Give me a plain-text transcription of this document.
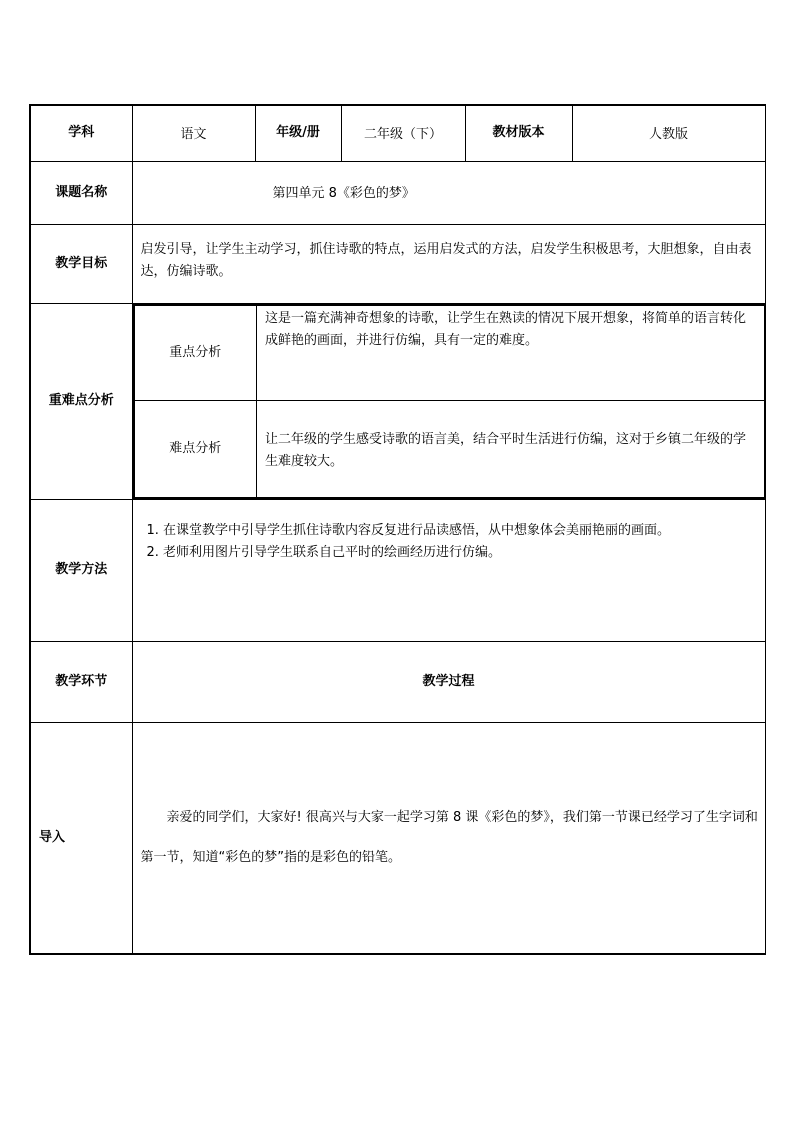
学科	语文	年级/册	二年级（下）	教材版本	人教版
课题名称	第四单元 8《彩色的梦》
教学目标	启发引导，让学生主动学习，抓住诗歌的特点，运用启发式的方法，启发学生积极思考，大胆想象，自由表达，仿编诗歌。
重难点分析	
重点分析	这是一篇充满神奇想象的诗歌，让学生在熟读的情况下展开想象，将简单的语言转化成鲜艳的画面，并进行仿编，具有一定的难度。
难点分析	让二年级的学生感受诗歌的语言美，结合平时生活进行仿编，这对于乡镇二年级的学生难度较大。

教学方法	
1. 在课堂教学中引导学生抓住诗歌内容反复进行品读感悟，从中想象体会美丽艳丽的画面。
2. 老师利用图片引导学生联系自己平时的绘画经历进行仿编。

教学环节	教学过程
导入	
亲爱的同学们，大家好! 很高兴与大家一起学习第 8 课《彩色的梦》，我们第一节课已经学习了生字词和第一节，知道“彩色的梦”指的是彩色的铅笔。
